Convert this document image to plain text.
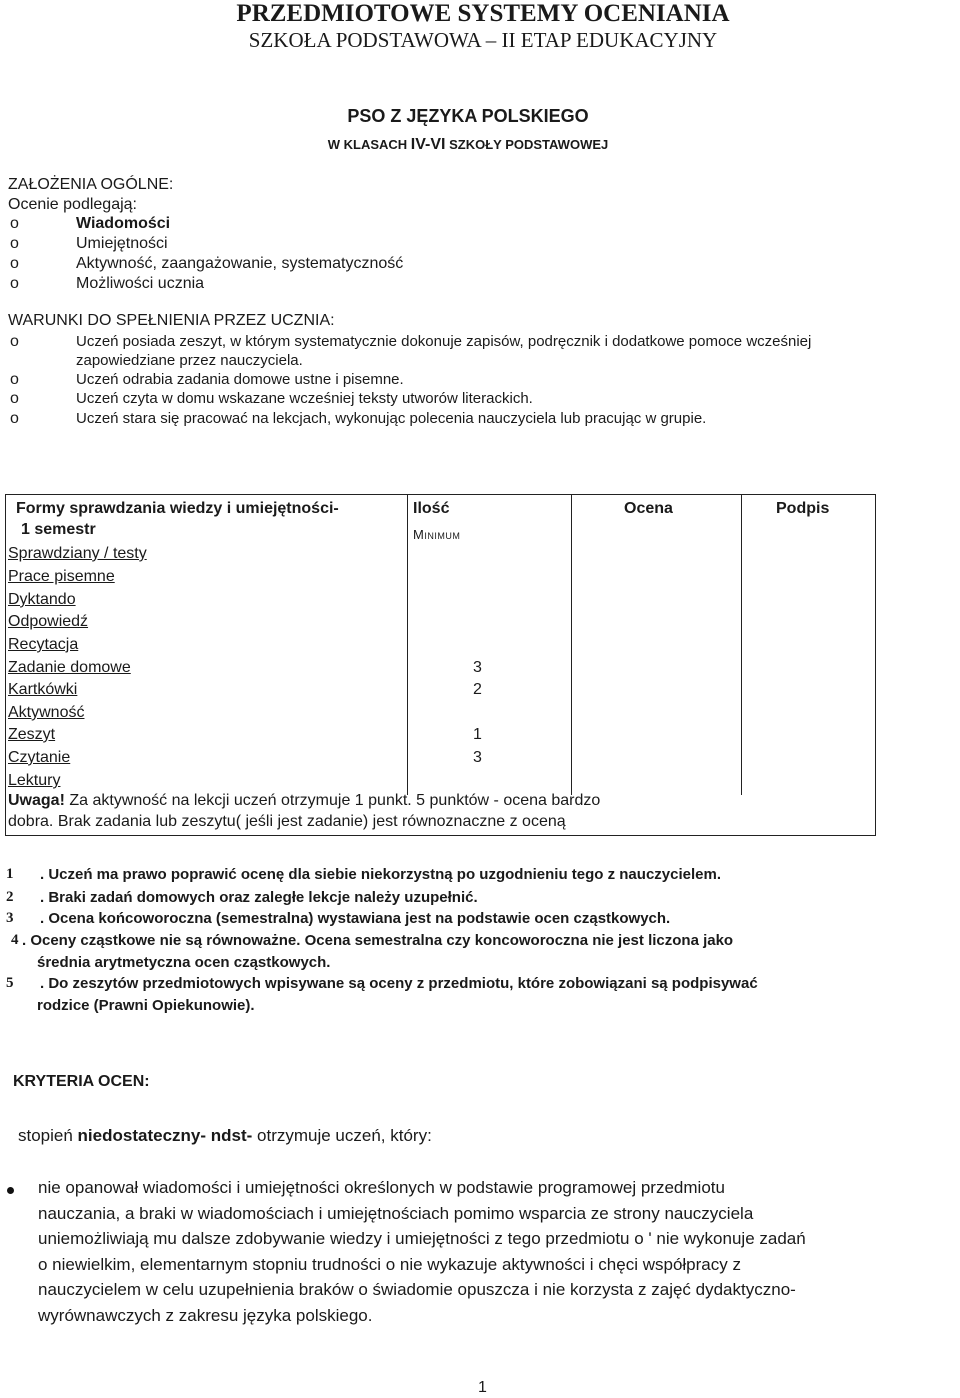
PRZEDMIOTOWE SYSTEMY OCENIANIA
SZKOŁA PODSTAWOWA – II ETAP EDUKACYJNY
PSO Z JĘZYKA POLSKIEGO
W KLASACH IV-VI SZKOŁY PODSTAWOWEJ
ZAŁOŻENIA OGÓLNE:
Ocenie podlegają:
o	Wiadomości
o	Umiejętności
o	Aktywność, zaangażowanie, systematyczność
o	Możliwości ucznia
WARUNKI DO SPEŁNIENIA PRZEZ UCZNIA:
o	Uczeń posiada zeszyt, w którym systematycznie dokonuje zapisów, podręcznik i dodatkowe pomoce wcześniej
zapowiedziane przez nauczyciela.
o	Uczeń odrabia zadania domowe ustne i pisemne.
o	Uczeń czyta w domu wskazane wcześniej teksty utworów literackich.
o	Uczeń stara się pracować na lekcjach, wykonując polecenia nauczyciela lub pracując w grupie.
Formy sprawdzania wiedzy i umiejętności-
1 semestr
Ilość
Minimum
Ocena	Podpis
Sprawdziany / testy
Prace pisemne
Dyktando
Odpowiedź
Recytacja
Zadanie domowe	3
Kartkówki	2
Aktywność
Zeszyt	1
Czytanie	3
Lektury
Uwaga! Za aktywność na lekcji uczeń otrzymuje 1 punkt. 5 punktów - ocena bardzo
dobra. Brak zadania lub zeszytu( jeśli jest zadanie) jest równoznaczne z oceną
1 . Uczeń ma prawo poprawić ocenę dla siebie niekorzystną po uzgodnieniu tego z nauczycielem.
2 . Braki zadań domowych oraz zaległe lekcje należy uzupełnić.
3 . Ocena końcoworoczna (semestralna) wystawiana jest na podstawie ocen cząstkowych.
4 . Oceny cząstkowe nie są równoważne. Ocena semestralna czy koncoworoczna nie jest liczona jako
średnia arytmetyczna ocen cząstkowych.
5 . Do zeszytów przedmiotowych wpisywane są oceny z przedmiotu, które zobowiązani są podpisywać
rodzice (Prawni Opiekunowie).
KRYTERIA OCEN:
stopień niedostateczny- ndst- otrzymuje uczeń, który:
nie opanował wiadomości i umiejętności określonych w podstawie programowej przedmiotu
nauczania, a braki w wiadomościach i umiejętnościach pomimo wsparcia ze strony nauczyciela
uniemożliwiają mu dalsze zdobywanie wiedzy i umiejętności z tego przedmiotu o ʹ nie wykonuje zadań
o niewielkim, elementarnym stopniu trudności o nie wykazuje aktywności i chęci współpracy z
nauczycielem w celu uzupełnienia braków o świadomie opuszcza i nie korzysta z zajęć dydaktyczno-
wyrównawczych z zakresu języka polskiego.
1
